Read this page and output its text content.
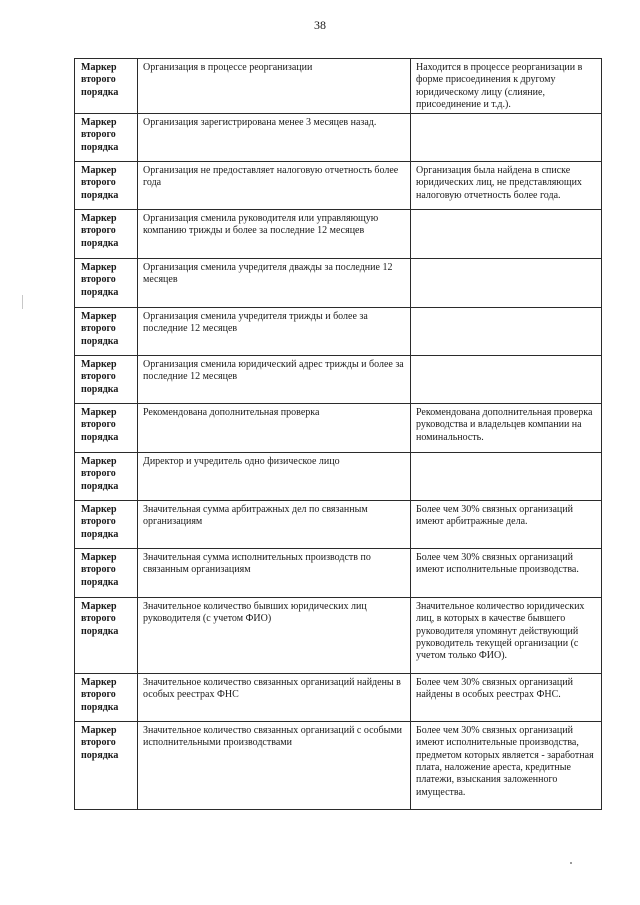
38
Маркер
второго
порядка	Организация в процессе реорганизации	Находится в процессе реорганизации в форме присоединения к другому юридическому лицу (слияние, присоединение и т.д.).

Маркер
второго
порядка	Организация зарегистрирована менее 3 месяцев назад.	

Маркер
второго
порядка	Организация не предоставляет налоговую отчетность более года	Организация была найдена в списке юридических лиц, не представляющих налоговую отчетность более года.

Маркер
второго
порядка	Организация сменила руководителя или управляющую компанию трижды и более за последние 12 месяцев	

Маркер
второго
порядка	Организация сменила учредителя дважды за последние 12 месяцев	

Маркер
второго
порядка	Организация сменила учредителя трижды и более за последние 12 месяцев	

Маркер
второго
порядка	Организация сменила юридический адрес трижды и более за последние 12 месяцев	

Маркер
второго
порядка	Рекомендована дополнительная проверка	Рекомендована дополнительная проверка руководства и владельцев компании на номинальность.

Маркер
второго
порядка	Директор и учредитель одно физическое лицо	

Маркер
второго
порядка	Значительная сумма арбитражных дел по связанным организациям	Более чем 30% связных организаций имеют арбитражные дела.

Маркер
второго
порядка	Значительная сумма исполнительных производств по связанным организациям	Более чем 30% связных организаций имеют исполнительные производства.

Маркер
второго
порядка	Значительное количество бывших юридических лиц руководителя (с учетом ФИО)	Значительное количество юридических лиц, в которых в качестве бывшего руководителя упомянут действующий руководитель текущей организации (с учетом только ФИО).

Маркер
второго
порядка	Значительное количество связанных организаций найдены в особых реестрах ФНС	Более чем 30% связных организаций найдены в особых реестрах ФНС.

Маркер
второго
порядка	Значительное количество связанных организаций с особыми исполнительными производствами	Более чем 30% связных организаций имеют исполнительные производства, предметом которых является - заработная плата, наложение ареста, кредитные платежи, взыскания заложенного имущества.
